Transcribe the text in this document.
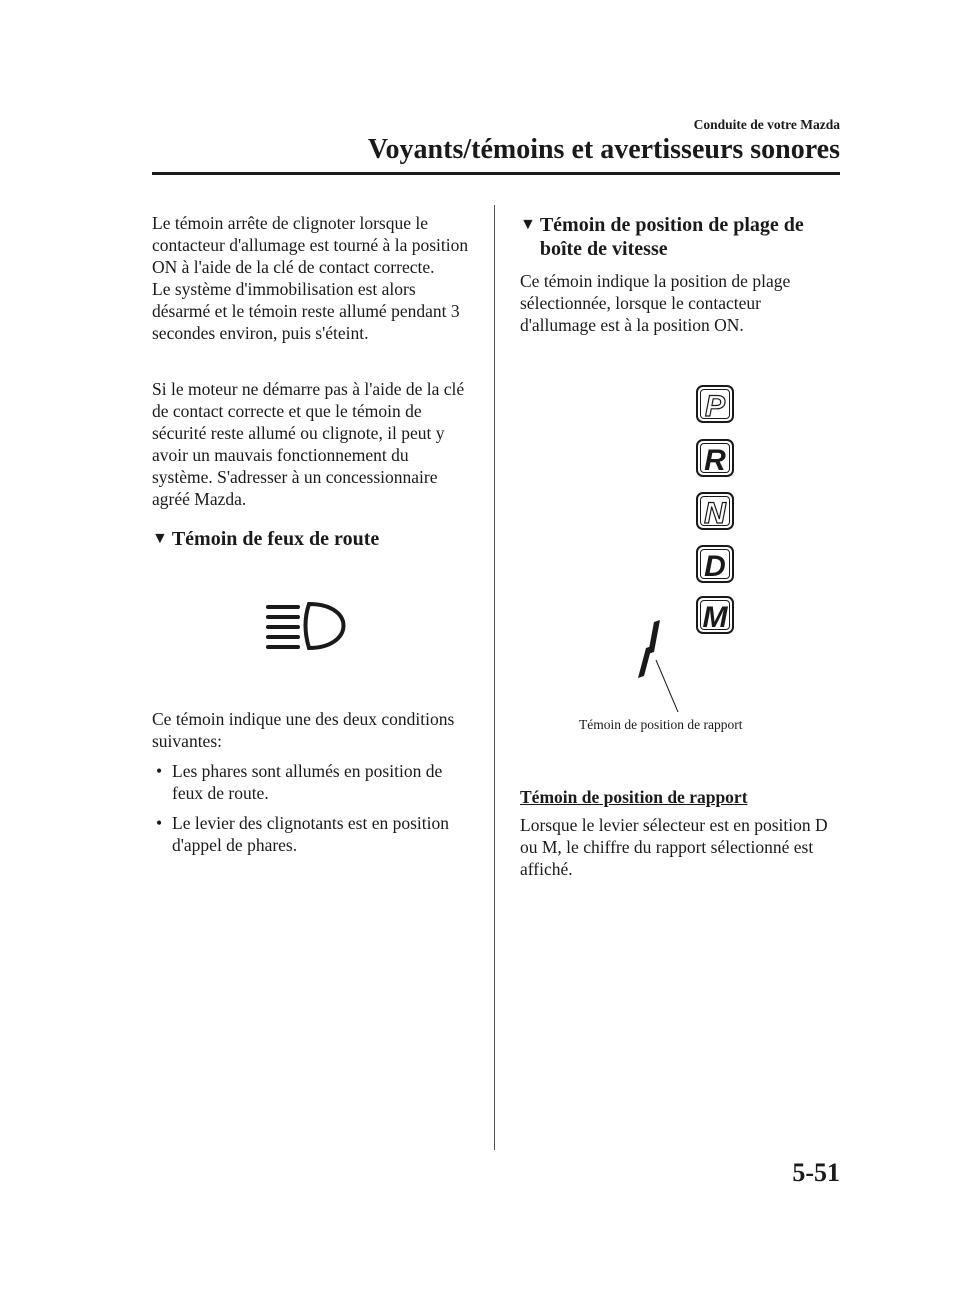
Conduite de votre Mazda
Voyants/témoins et avertisseurs sonores

Le témoin arrête de clignoter lorsque le contacteur d'allumage est tourné à la position ON à l'aide de la clé de contact correcte.

Le système d'immobilisation est alors désarmé et le témoin reste allumé pendant 3 secondes environ, puis s'éteint.

Si le moteur ne démarre pas à l'aide de la clé de contact correcte et que le témoin de sécurité reste allumé ou clignote, il peut y avoir un mauvais fonctionnement du système. S'adresser à un concessionnaire agréé Mazda.
▼ Témoin de feux de route
Ce témoin indique une des deux conditions suivantes:
• Les phares sont allumés en position de feux de route.
• Le levier des clignotants est en position d'appel de phares.
▼ Témoin de position de plage de boîte de vitesse
Ce témoin indique la position de plage sélectionnée, lorsque le contacteur d'allumage est à la position ON.
P
R
N
D
M
Témoin de position de rapport
Témoin de position de rapport
Lorsque le levier sélecteur est en position D ou M, le chiffre du rapport sélectionné est affiché.
5-51
